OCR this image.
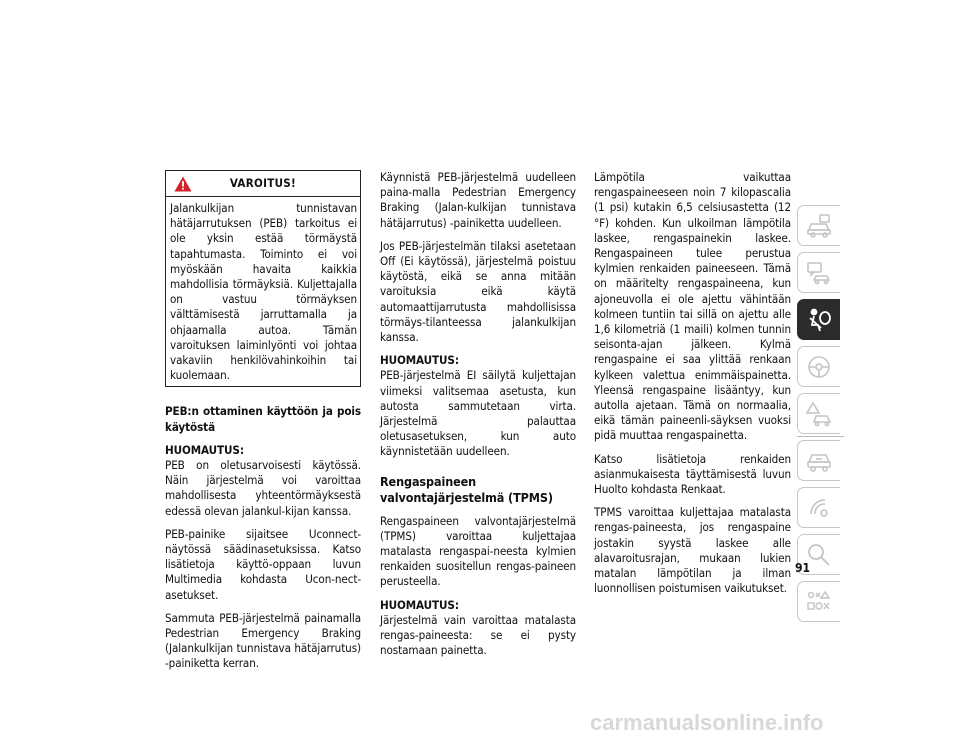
VAROITUS!
Jalankulkijan tunnistavan hätäjarrutuksen (PEB) tarkoitus ei ole yksin estää törmäystä tapahtumasta. Toiminto ei voi myöskään havaita kaikkia mahdollisia törmäyksiä. Kuljettajalla on vastuu törmäyksen välttämisestä jarruttamalla ja ohjaamalla autoa. Tämän varoituksen laiminlyönti voi johtaa vakaviin henkilövahinkoihin tai kuolemaan.

PEB:n ottaminen käyttöön ja pois käytöstä

HUOMAUTUS:
PEB on oletusarvoisesti käytössä. Näin järjestelmä voi varoittaa mahdollisesta yhteentörmäyksestä edessä olevan jalankul-kijan kanssa.

PEB-painike sijaitsee Uconnect-näytössä säädinasetuksissa. Katso lisätietoja käyttö-oppaan luvun Multimedia kohdasta Ucon-nect-asetukset.

Sammuta PEB-järjestelmä painamalla Pedestrian Emergency Braking (Jalankulkijan tunnistava hätäjarrutus) -painiketta kerran.

Käynnistä PEB-järjestelmä uudelleen paina-malla Pedestrian Emergency Braking (Jalan-kulkijan tunnistava hätäjarrutus) -painiketta uudelleen.

Jos PEB-järjestelmän tilaksi asetetaan Off (Ei käytössä), järjestelmä poistuu käytöstä, eikä se anna mitään varoituksia eikä käytä automaattijarrutusta mahdollisissa törmäys-tilanteessa jalankulkijan kanssa.

HUOMAUTUS:
PEB-järjestelmä EI säilytä kuljettajan viimeksi valitsemaa asetusta, kun autosta sammutetaan virta. Järjestelmä palauttaa oletusasetuksen, kun auto käynnistetään uudelleen.

Rengaspaineen valvontajärjestelmä (TPMS)

Rengaspaineen valvontajärjestelmä (TPMS) varoittaa kuljettajaa matalasta rengaspai-neesta kylmien renkaiden suositellun rengas-paineen perusteella.

HUOMAUTUS:
Järjestelmä vain varoittaa matalasta rengas-paineesta: se ei pysty nostamaan painetta.

Lämpötila vaikuttaa rengaspaineeseen noin 7 kilopascalia (1 psi) kutakin 6,5 celsiusastetta (12 °F) kohden. Kun ulkoilman lämpötila laskee, rengaspainekin laskee. Rengaspaineen tulee perustua kylmien renkaiden paineeseen. Tämä on määritelty rengaspaineena, kun ajoneuvolla ei ole ajettu vähintään kolmeen tuntiin tai sillä on ajettu alle 1,6 kilometriä (1 maili) kolmen tunnin seisonta-ajan jälkeen. Kylmä rengaspaine ei saa ylittää renkaan kylkeen valettua enimmäispainetta. Yleensä rengaspaine lisääntyy, kun autolla ajetaan. Tämä on normaalia, eikä tämän paineenli-säyksen vuoksi pidä muuttaa rengaspainetta.

Katso lisätietoja renkaiden asianmukaisesta täyttämisestä luvun Huolto kohdasta Renkaat.

TPMS varoittaa kuljettajaa matalasta rengas-paineesta, jos rengaspaine jostakin syystä laskee alle alavaroitusrajan, mukaan lukien matalan lämpötilan ja ilman luonnollisen poistumisen vaikutukset.

91
carmanualsonline.info
